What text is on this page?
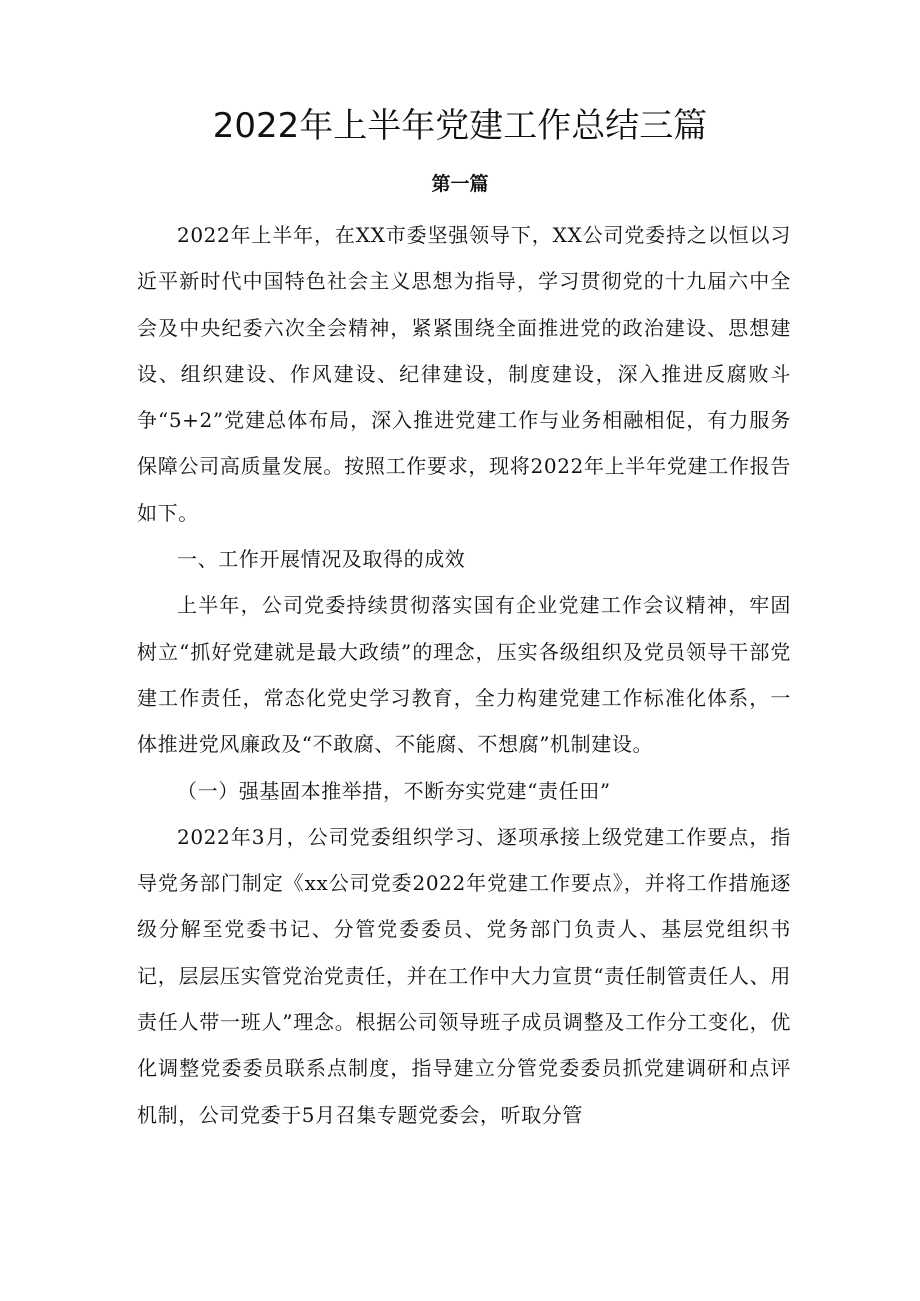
2022年上半年党建工作总结三篇
第一篇

2022年上半年，在XX市委坚强领导下，XX公司党委持之以恒以习近平新时代中国特色社会主义思想为指导，学习贯彻党的十九届六中全会及中央纪委六次全会精神，紧紧围绕全面推进党的政治建设、思想建设、组织建设、作风建设、纪律建设，制度建设，深入推进反腐败斗争“5+2”党建总体布局，深入推进党建工作与业务相融相促，有力服务保障公司高质量发展。按照工作要求，现将2022年上半年党建工作报告如下。

一、工作开展情况及取得的成效

上半年，公司党委持续贯彻落实国有企业党建工作会议精神，牢固树立“抓好党建就是最大政绩”的理念，压实各级组织及党员领导干部党建工作责任，常态化党史学习教育，全力构建党建工作标准化体系，一体推进党风廉政及“不敢腐、不能腐、不想腐”机制建设。

（一）强基固本推举措，不断夯实党建“责任田”

2022年3月，公司党委组织学习、逐项承接上级党建工作要点，指导党务部门制定《xx公司党委2022年党建工作要点》，并将工作措施逐级分解至党委书记、分管党委委员、党务部门负责人、基层党组织书记，层层压实管党治党责任，并在工作中大力宣贯“责任制管责任人、用责任人带一班人”理念。根据公司领导班子成员调整及工作分工变化，优化调整党委委员联系点制度，指导建立分管党委委员抓党建调研和点评机制，公司党委于5月召集专题党委会，听取分管
